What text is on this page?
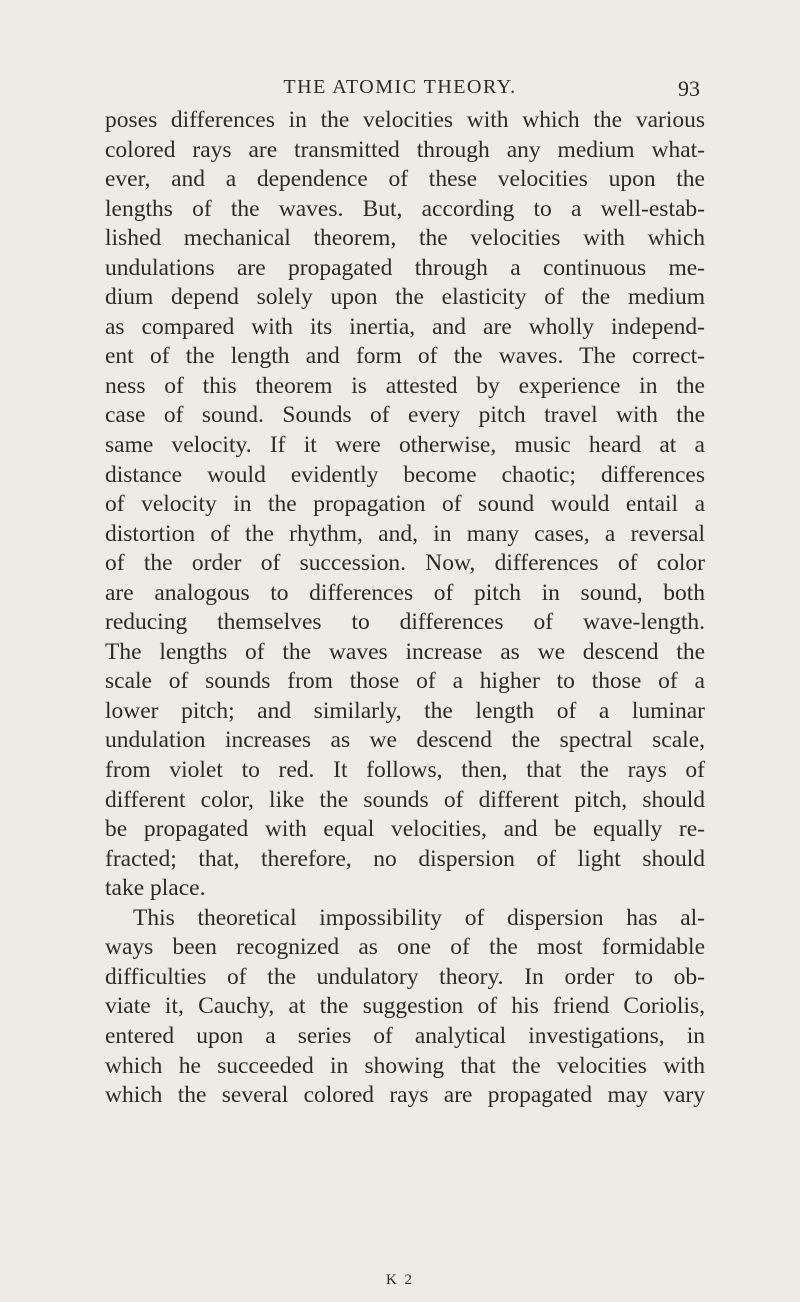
THE ATOMIC THEORY.	93
poses differences in the velocities with which the various
colored rays are transmitted through any medium what-
ever, and a dependence of these velocities upon the
lengths of the waves. But, according to a well-estab-
lished mechanical theorem, the velocities with which
undulations are propagated through a continuous me-
dium depend solely upon the elasticity of the medium
as compared with its inertia, and are wholly independ-
ent of the length and form of the waves. The correct-
ness of this theorem is attested by experience in the
case of sound. Sounds of every pitch travel with the
same velocity. If it were otherwise, music heard at a
distance would evidently become chaotic; differences
of velocity in the propagation of sound would entail a
distortion of the rhythm, and, in many cases, a reversal
of the order of succession. Now, differences of color
are analogous to differences of pitch in sound, both
reducing themselves to differences of wave-length.
The lengths of the waves increase as we descend the
scale of sounds from those of a higher to those of a
lower pitch; and similarly, the length of a luminar
undulation increases as we descend the spectral scale,
from violet to red. It follows, then, that the rays of
different color, like the sounds of different pitch, should
be propagated with equal velocities, and be equally re-
fracted; that, therefore, no dispersion of light should
take place.
This theoretical impossibility of dispersion has al-
ways been recognized as one of the most formidable
difficulties of the undulatory theory. In order to ob-
viate it, Cauchy, at the suggestion of his friend Coriolis,
entered upon a series of analytical investigations, in
which he succeeded in showing that the velocities with
which the several colored rays are propagated may vary
K 2
